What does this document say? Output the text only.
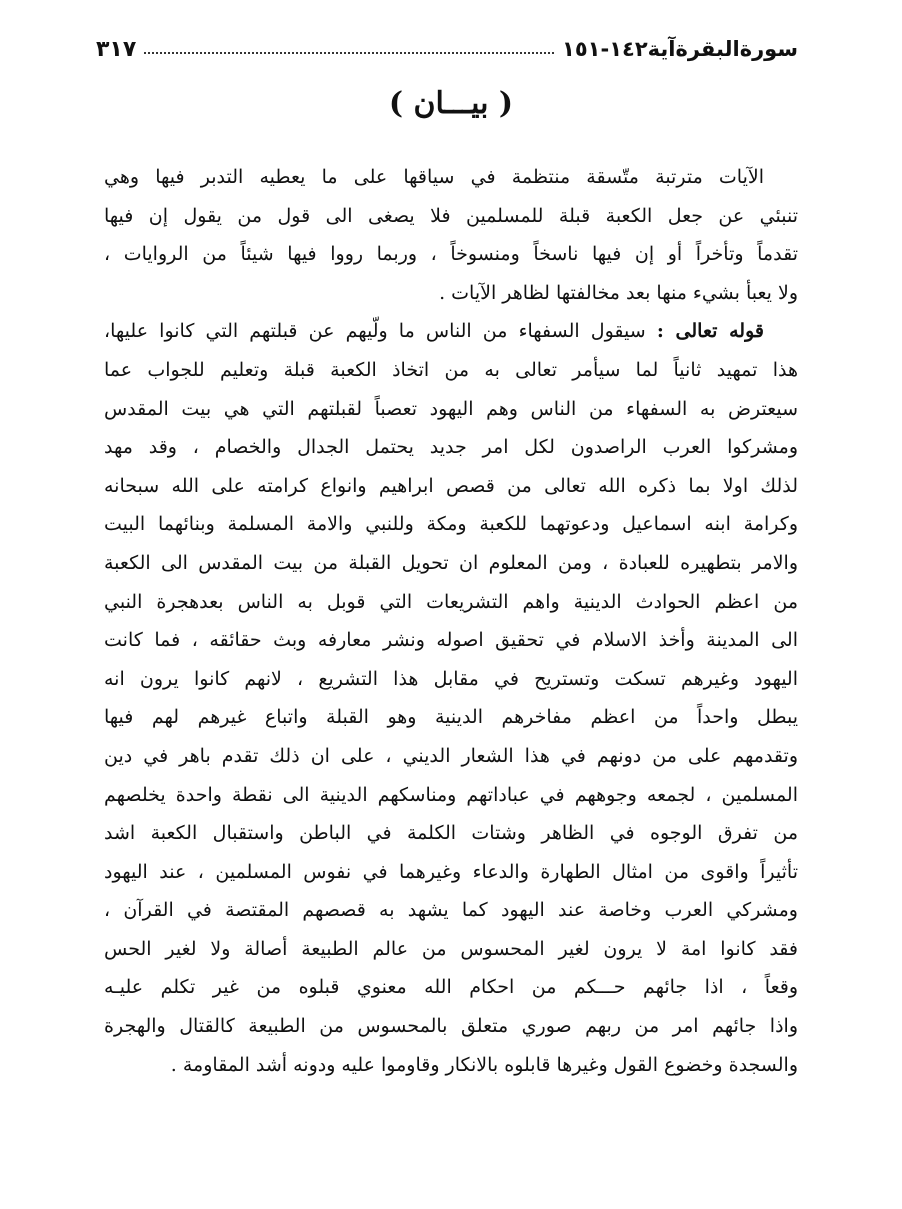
سورةالبقرةآية١٤٢-١٥١
٣١٧
( بيـــان )
الآيات مترتبة متّسقة منتظمة في سياقها على ما يعطيه التدبر فيها وهي
تنبئي عن جعل الكعبة قبلة للمسلمين فلا يصغى الى قول من يقول إن فيها
تقدماً وتأخراً أو إن فيها ناسخاً ومنسوخاً ، وربما رووا فيها شيئاً من الروايات ،
ولا يعبأ بشيء منها بعد مخالفتها لظاهر الآيات .
قوله تعالى : سيقول السفهاء من الناس ما ولّيهم عن قبلتهم التي كانوا عليها،
هذا تمهيد ثانياً لما سيأمر تعالى به من اتخاذ الكعبة قبلة وتعليم للجواب عما
سيعترض به السفهاء من الناس وهم اليهود تعصباً لقبلتهم التي هي بيت المقدس
ومشركوا العرب الراصدون لكل امر جديد يحتمل الجدال والخصام ، وقد مهد
لذلك اولا بما ذكره الله تعالى من قصص ابراهيم وانواع كرامته على الله سبحانه
وكرامة ابنه اسماعيل ودعوتهما للكعبة ومكة وللنبي والامة المسلمة وبنائهما البيت
والامر بتطهيره للعبادة ، ومن المعلوم ان تحويل القبلة من بيت المقدس الى الكعبة
من اعظم الحوادث الدينية واهم التشريعات التي قوبل به الناس بعدهجرة النبي
الى المدينة وأخذ الاسلام في تحقيق اصوله ونشر معارفه وبث حقائقه ، فما كانت
اليهود وغيرهم تسكت وتستريح في مقابل هذا التشريع ، لانهم كانوا يرون انه
يبطل واحداً من اعظم مفاخرهم الدينية وهو القبلة واتباع غيرهم لهم فيها
وتقدمهم على من دونهم في هذا الشعار الديني ، على ان ذلك تقدم باهر في دين
المسلمين ، لجمعه وجوههم في عباداتهم ومناسكهم الدينية الى نقطة واحدة يخلصهم
من تفرق الوجوه في الظاهر وشتات الكلمة في الباطن واستقبال الكعبة اشد
تأثيراً واقوى من امثال الطهارة والدعاء وغيرهما في نفوس المسلمين ، عند اليهود
ومشركي العرب وخاصة عند اليهود كما يشهد به قصصهم المقتصة في القرآن ،
فقد كانوا امة لا يرون لغير المحسوس من عالم الطبيعة أصالة ولا لغير الحس
وقعاً ، اذا جائهم حـــكم من احكام الله معنوي قبلوه من غير تكلم عليـه
واذا جائهم امر من ربهم صوري متعلق بالمحسوس من الطبيعة كالقتال والهجرة
والسجدة وخضوع القول وغيرها قابلوه بالانكار وقاوموا عليه ودونه أشد المقاومة .
